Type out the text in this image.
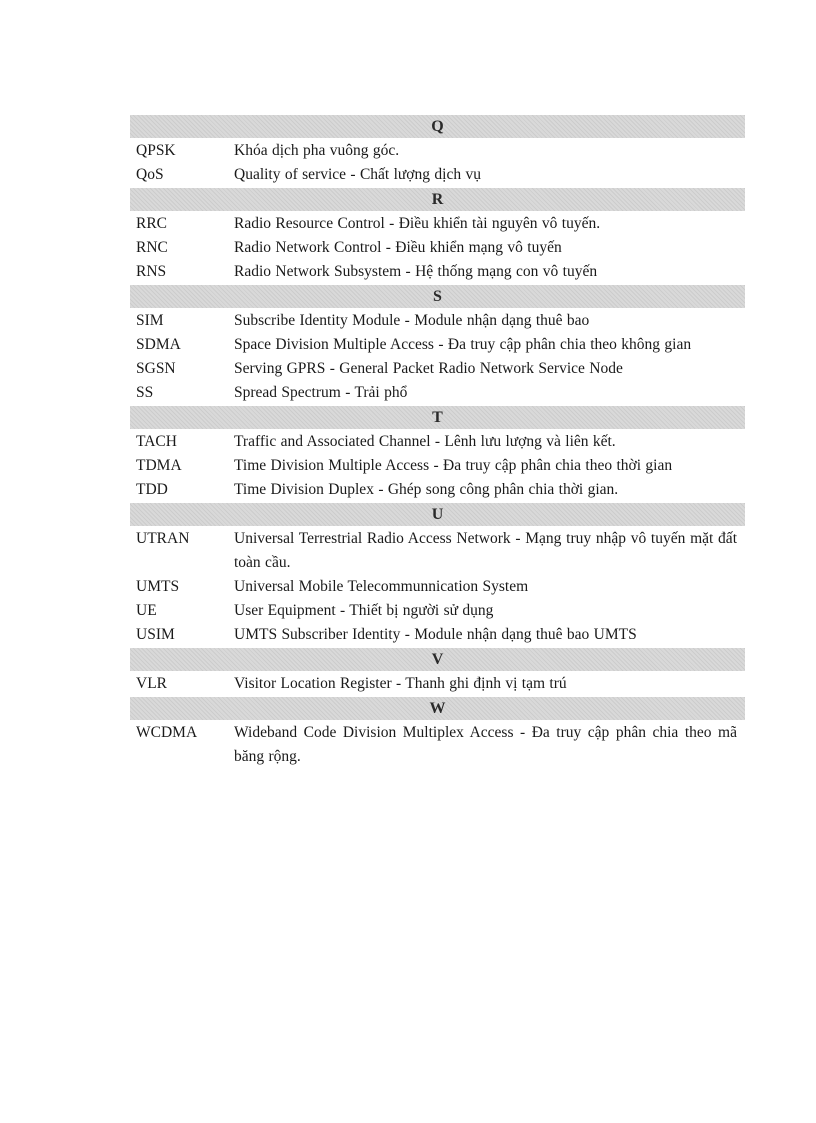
Q
QPSK	Khóa dịch pha vuông góc.
QoS	Quality of service - Chất lượng dịch vụ
R
RRC	Radio Resource Control - Điều khiển tài nguyên vô tuyến.
RNC	Radio Network Control - Điều khiển mạng vô tuyến
RNS	Radio Network Subsystem - Hệ thống mạng con vô tuyến
S
SIM	Subscribe Identity Module - Module nhận dạng thuê bao
SDMA	Space Division Multiple Access - Đa truy cập phân chia theo không gian
SGSN	Serving GPRS - General Packet Radio Network Service Node
SS	Spread Spectrum - Trải phổ
T
TACH	Traffic and Associated Channel - Lênh lưu lượng và liên kết.
TDMA	Time Division Multiple Access - Đa truy cập phân chia theo thời gian
TDD	Time Division Duplex - Ghép song công phân chia thời gian.
U
UTRAN	Universal Terrestrial Radio Access Network - Mạng truy nhập vô tuyến mặt đất toàn cầu.
UMTS	Universal Mobile Telecommunnication System
UE	User Equipment - Thiết bị người sử dụng
USIM	UMTS Subscriber Identity - Module nhận dạng thuê bao UMTS
V
VLR	Visitor Location Register - Thanh ghi định vị tạm trú
W
WCDMA	Wideband Code Division Multiplex Access - Đa truy cập phân chia theo mã băng rộng.
